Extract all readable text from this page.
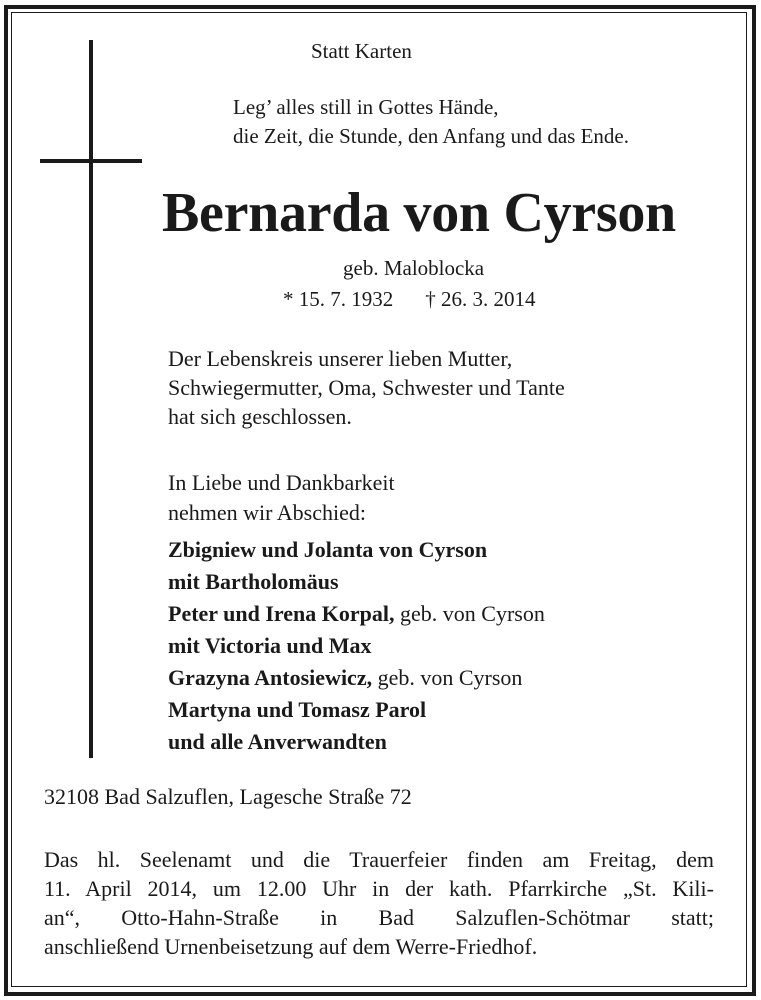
Statt Karten

Leg’ alles still in Gottes Hände,
die Zeit, die Stunde, den Anfang und das Ende.
Bernarda von Cyrson

geb. Maloblocka

* 15. 7. 1932 † 26. 3. 2014

Der Lebenskreis unserer lieben Mutter,
Schwiegermutter, Oma, Schwester und Tante
hat sich geschlossen.
In Liebe und Dankbarkeit
nehmen wir Abschied:
Zbigniew und Jolanta von Cyrson
mit Bartholomäus
Peter und Irena Korpal, geb. von Cyrson
mit Victoria und Max
Grazyna Antosiewicz, geb. von Cyrson
Martyna und Tomasz Parol
und alle Anverwandten

32108 Bad Salzuflen, Lagesche Straße 72

Das hl. Seelenamt und die Trauerfeier finden am Freitag, dem
11. April 2014, um 12.00 Uhr in der kath. Pfarrkirche „St. Kili-
an“, Otto-Hahn-Straße in Bad Salzuflen-Schötmar statt;
anschließend Urnenbeisetzung auf dem Werre-Friedhof.
